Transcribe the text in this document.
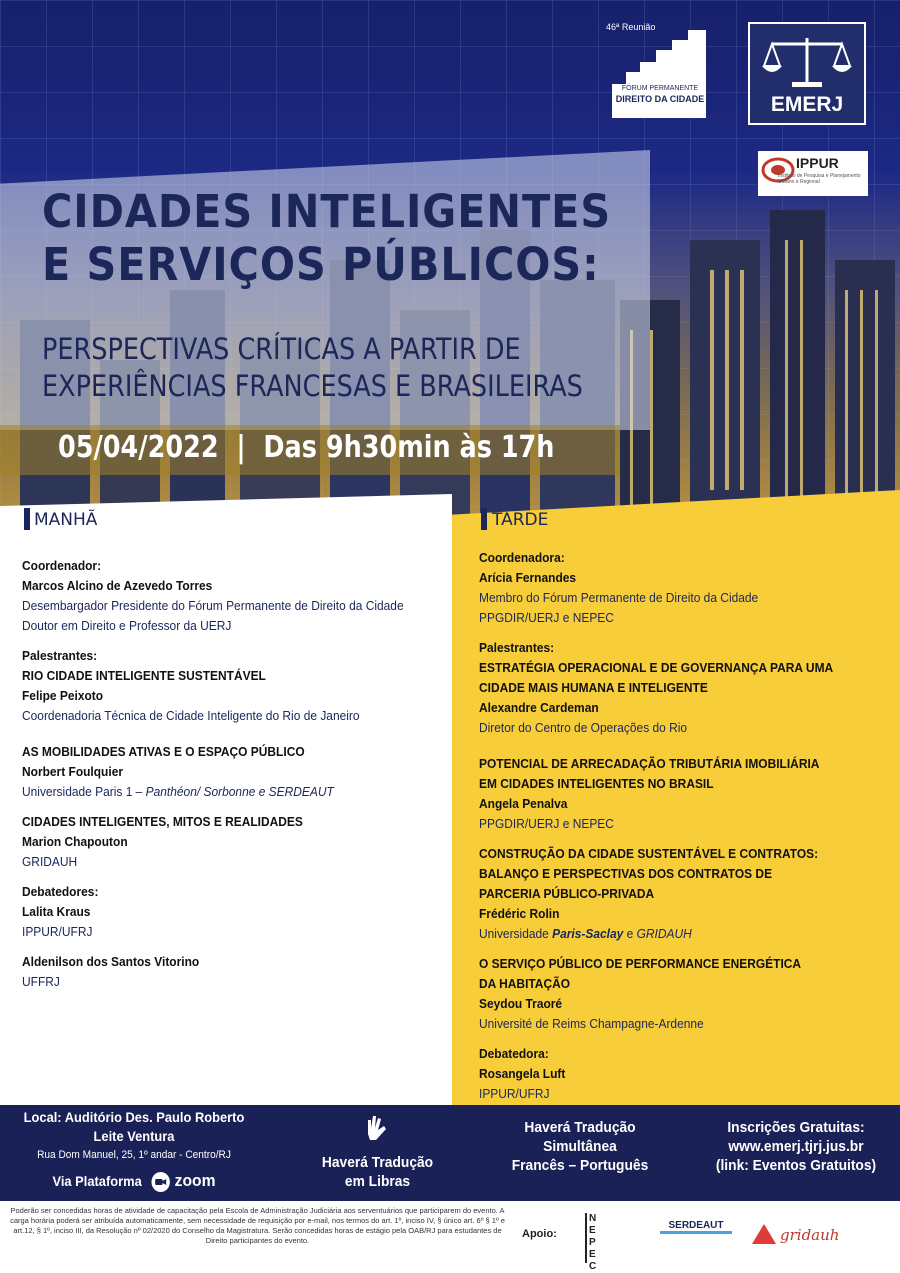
CIDADES INTELIGENTES
E SERVIÇOS PÚBLICOS:
PERSPECTIVAS CRÍTICAS A PARTIR DE
EXPERIÊNCIAS FRANCESAS E BRASILEIRAS
05/04/2022  |  Das 9h30min às 17h
46ª Reunião
FÓRUM PERMANENTE
DIREITO DA CIDADE	EMERJ
IPPUR
Instituto de Pesquisa e Planejamento Urbano e Regional
MANHÃ	TARDE

Coordenador:

Marcos Alcino de Azevedo Torres

Desembargador Presidente do Fórum Permanente de Direito da Cidade

Doutor em Direito e Professor da UERJ

Palestrantes:

RIO CIDADE INTELIGENTE SUSTENTÁVEL

Felipe Peixoto

Coordenadoria Técnica de Cidade Inteligente do Rio de Janeiro

AS MOBILIDADES ATIVAS E O ESPAÇO PÚBLICO

Norbert Foulquier

Universidade Paris 1 – Panthéon/ Sorbonne e SERDEAUT

CIDADES INTELIGENTES, MITOS E REALIDADES

Marion Chapouton

GRIDAUH

Debatedores:

Lalita Kraus

IPPUR/UFRJ

Aldenilson dos Santos Vitorino

UFFRJ

Coordenadora:

Arícia Fernandes

Membro do Fórum Permanente de Direito da Cidade

PPGDIR/UERJ e NEPEC

Palestrantes:

ESTRATÉGIA OPERACIONAL E DE GOVERNANÇA PARA UMA

CIDADE MAIS HUMANA E INTELIGENTE

Alexandre Cardeman

Diretor do Centro de Operações do Rio

POTENCIAL DE ARRECADAÇÃO TRIBUTÁRIA IMOBILIÁRIA

EM CIDADES INTELIGENTES NO BRASIL

Angela Penalva

PPGDIR/UERJ e NEPEC

CONSTRUÇÃO DA CIDADE SUSTENTÁVEL E CONTRATOS:

BALANÇO E PERSPECTIVAS DOS CONTRATOS DE

PARCERIA PÚBLICO-PRIVADA

Frédéric Rolin

Universidade Paris-Saclay e GRIDAUH

O SERVIÇO PÚBLICO DE PERFORMANCE ENERGÉTICA

DA HABITAÇÃO

Seydou Traoré

Université de Reims Champagne-Ardenne

Debatedora:

Rosangela Luft

IPPUR/UFRJ

Local: Auditório Des. Paulo Roberto
Leite Ventura
Rua Dom Manuel, 25, 1º andar - Centro/RJ
Via Plataforma zoom
Haverá Tradução
em Libras
Haverá Tradução
Simultânea
Francês – Português
Inscrições Gratuitas:
www.emerj.tjrj.jus.br
(link: Eventos Gratuitos)
Poderão ser concedidas horas de atividade de capacitação pela Escola de Administração Judiciária aos serventuários que participarem do evento. A carga horária poderá ser atribuída automaticamente, sem necessidade de requisição por e-mail, nos termos do art. 1º, inciso IV, § único art. 6º § 1º e art.12, § 1º, inciso III, da Resolução nº 02/2020 do Conselho da Magistratura. Serão concedidas horas de estágio pela OAB/RJ para estudantes de Direito participantes do evento.
Apoio:
NEPEC
SERDEAUT
gridauh
